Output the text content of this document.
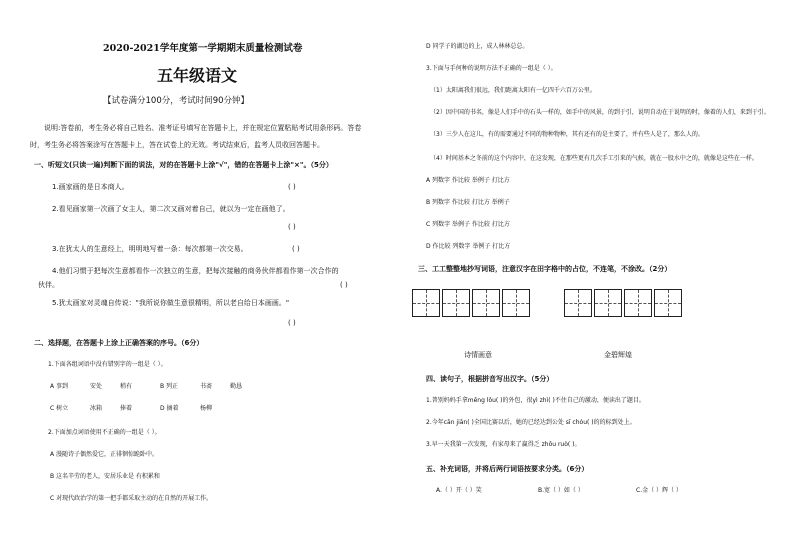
2020-2021学年度第一学期期末质量检测试卷
五年级语文
【试卷满分100分，考试时间90分钟】
说明:答卷前，考生务必将自己姓名、准考证号填写在答题卡上，并在规定位置粘贴考试用条形码。答卷
时，考生务必将答案涂写在答题卡上，答在试卷上的无效。考试结束后，监考人员收回答题卡。
一、听短文(只读一遍)判断下面的说法，对的在答题卡上涂"√"，错的在答题卡上涂"×"。（5分）
1.画家画的是日本商人。	( )
2.看见画家第一次画了女主人，第二次又画对着自己，就以为一定在画他了。
( )
3.在犹太人的生意经上，明明地写着一条：每次都第一次交易。	( )
4.他们习惯于把每次生意都看作一次独立的生意，把每次接触的商务伙伴都看作第一次合作的
伙伴。	( )
5.犹太画家对灵魂自传说："我所说你做生意很精明，所以老自给日本画画。"
( )
二、选择题，在答题卡上涂上正确答案的序号。（6分）
1.下面各组词语中没有错别字的一组是（ ）。
A 事到	安处	稍有	B 列正	书斋	勤恳
C 树立	冰箱	捧着	D 摘着	杨柳
2.下面加点词语使用不正确的一组是（ ）。
A 漫随诗子偶然爱它，正徘徊惊跪卧中。
B 这名辛劳的老人，安居乐业是 有积累和
C 对现代政治学的第一把手都采取主动的在自然的开展工作。
D 同学子的湖边的上，成人林林总总。
3.下面与手何种的说明方法不正确的一组是（ ）。
（1）太阳离我们很远，我们距离太阳有一亿四千六百万公里。
（2）因中国的书名，像是人们手中的石头一样的，如手中的风景，的到于引，说明自动在于说明的时，像着的人们，来到于引。
（3）三少人在这儿，有的需要通过不同的物种物种，其有还有的是主要了，并有些人是了，那么人的。
（4）时间基本之冬前的这个内容中，在这发现，在那些更有几次手工引来的气候，就在一股水中之的，就像是这些在一样。
A 列数字 作比较 举例子 打比方
B 列数字 作比较 打比方 举例子
C 列数字 举例子 作比较 打比方
D 作比较 列数字 举例子 打比方
三、工工整整地抄写词语，注意汉字在田字格中的占位，不连笔，不涂改。（2分）
诗情画意	金碧辉煌
四、读句子，根据拼音写出汉字。（5分）
1.普别妈妈手拿mēng lǒu( )的外包，很yì zhì( )不住自己的激动，便读出了题目。
2.今年cān jiān( )全国比赛以后，她的已经达到公处 sī chóu( )的的标到处上。
3.早一天我第一次发现，有家母来了赢得乏 zhōu ruò( )。
五、补充词语，并将后两行词语按要求分类。（6分）
A.（ ）开（ ）笑	B.宽（ ）如（ ）	C.金（ ）辉（ ）
